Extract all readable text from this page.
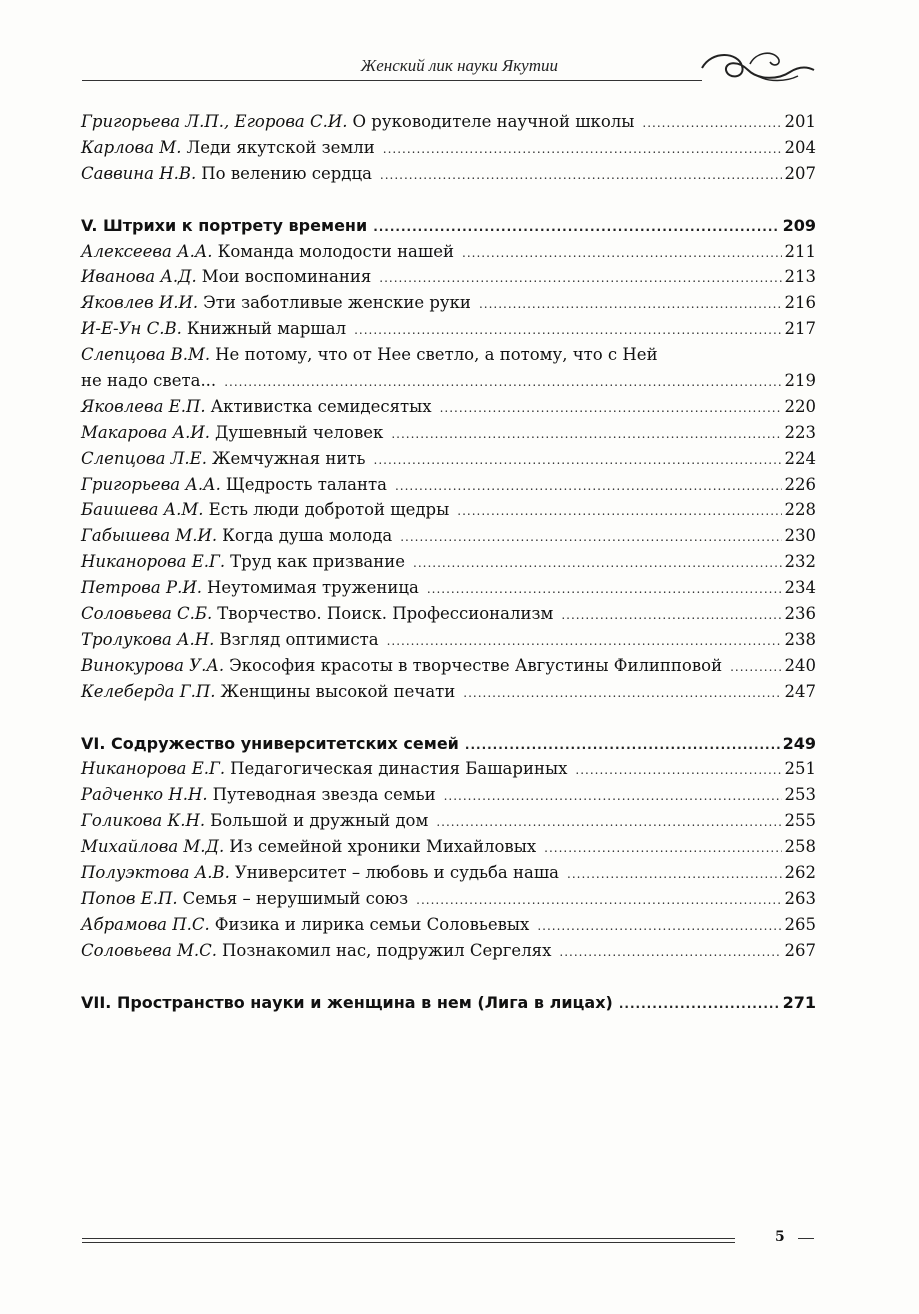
Женский лик науки Якутии
Григорьева Л.П., Егорова С.И. О руководителе научной школы .....	201
Карлова М. Леди якутской земли .....	204
Саввина Н.В. По велению сердца .....	207
V. Штрихи к портрету времени .....	209
Алексеева А.А. Команда молодости нашей .....	211
Иванова А.Д. Мои воспоминания .....	213
Яковлев И.И. Эти заботливые женские руки .....	216
И-Е-Ун С.В. Книжный маршал .....	217
Слепцова В.М. Не потому, что от Нее светло, а потому, что с Ней
не надо света... .....	219
Яковлева Е.П. Активистка семидесятых .....	220
Макарова А.И. Душевный человек .....	223
Слепцова Л.Е. Жемчужная нить .....	224
Григорьева А.А. Щедрость таланта .....	226
Баишева А.М. Есть люди добротой щедры .....	228
Габышева М.И. Когда душа молода .....	230
Никанорова Е.Г. Труд как призвание .....	232
Петрова Р.И. Неутомимая труженица .....	234
Соловьева С.Б. Творчество. Поиск. Профессионализм .....	236
Тролукова А.Н. Взгляд оптимиста .....	238
Винокурова У.А. Экософия красоты в творчестве Августины Филипповой .....	240
Келеберда Г.П. Женщины высокой печати .....	247
VI. Содружество университетских семей .....	249
Никанорова Е.Г. Педагогическая династия Башариных .....	251
Радченко Н.Н. Путеводная звезда семьи .....	253
Голикова К.Н. Большой и дружный дом .....	255
Михайлова М.Д. Из семейной хроники Михайловых .....	258
Полуэктова А.В. Университет – любовь и судьба наша .....	262
Попов Е.П. Семья – нерушимый союз .....	263
Абрамова П.С. Физика и лирика семьи Соловьевых .....	265
Соловьева М.С. Познакомил нас, подружил Сергелях .....	267
VII. Пространство науки и женщина в нем (Лига в лицах) .....	271
5
